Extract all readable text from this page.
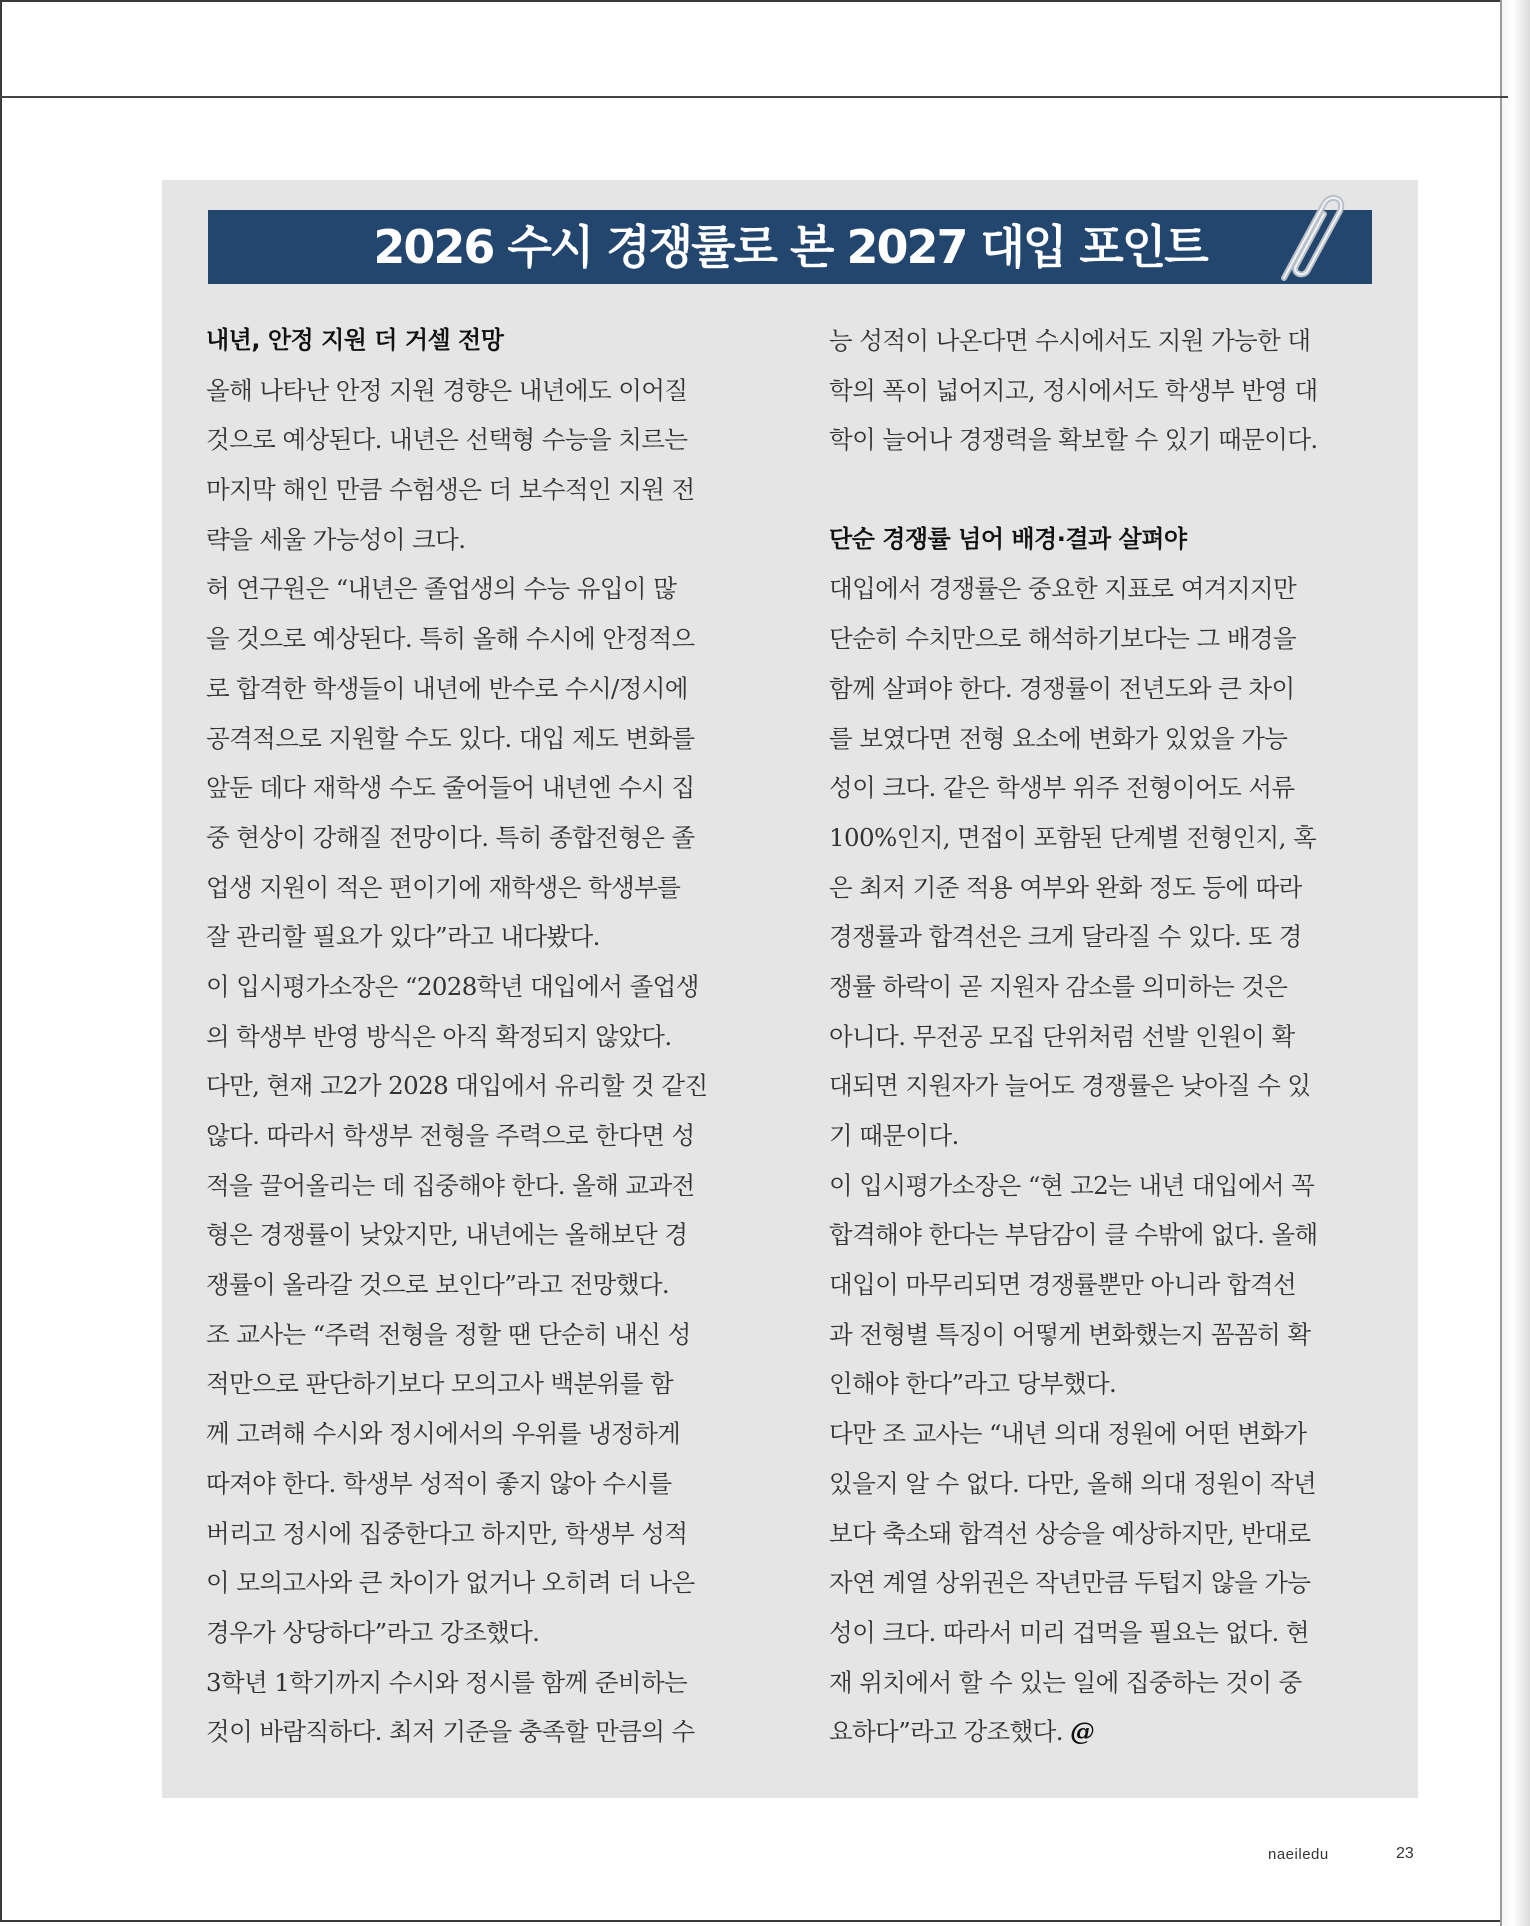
2026 수시 경쟁률로 본 2027 대입 포인트
내년, 안정 지원 더 거셀 전망
올해 나타난 안정 지원 경향은 내년에도 이어질
것으로 예상된다. 내년은 선택형 수능을 치르는
마지막 해인 만큼 수험생은 더 보수적인 지원 전
략을 세울 가능성이 크다.
허 연구원은 “내년은 졸업생의 수능 유입이 많
을 것으로 예상된다. 특히 올해 수시에 안정적으
로 합격한 학생들이 내년에 반수로 수시/정시에
공격적으로 지원할 수도 있다. 대입 제도 변화를
앞둔 데다 재학생 수도 줄어들어 내년엔 수시 집
중 현상이 강해질 전망이다. 특히 종합전형은 졸
업생 지원이 적은 편이기에 재학생은 학생부를
잘 관리할 필요가 있다”라고 내다봤다.
이 입시평가소장은 “2028학년 대입에서 졸업생
의 학생부 반영 방식은 아직 확정되지 않았다.
다만, 현재 고2가 2028 대입에서 유리할 것 같진
않다. 따라서 학생부 전형을 주력으로 한다면 성
적을 끌어올리는 데 집중해야 한다. 올해 교과전
형은 경쟁률이 낮았지만, 내년에는 올해보단 경
쟁률이 올라갈 것으로 보인다”라고 전망했다.
조 교사는 “주력 전형을 정할 땐 단순히 내신 성
적만으로 판단하기보다 모의고사 백분위를 함
께 고려해 수시와 정시에서의 우위를 냉정하게
따져야 한다. 학생부 성적이 좋지 않아 수시를
버리고 정시에 집중한다고 하지만, 학생부 성적
이 모의고사와 큰 차이가 없거나 오히려 더 나은
경우가 상당하다”라고 강조했다.
3학년 1학기까지 수시와 정시를 함께 준비하는
것이 바람직하다. 최저 기준을 충족할 만큼의 수
능 성적이 나온다면 수시에서도 지원 가능한 대
학의 폭이 넓어지고, 정시에서도 학생부 반영 대
학이 늘어나 경쟁력을 확보할 수 있기 때문이다.
단순 경쟁률 넘어 배경·결과 살펴야
대입에서 경쟁률은 중요한 지표로 여겨지지만
단순히 수치만으로 해석하기보다는 그 배경을
함께 살펴야 한다. 경쟁률이 전년도와 큰 차이
를 보였다면 전형 요소에 변화가 있었을 가능
성이 크다. 같은 학생부 위주 전형이어도 서류
100%인지, 면접이 포함된 단계별 전형인지, 혹
은 최저 기준 적용 여부와 완화 정도 등에 따라
경쟁률과 합격선은 크게 달라질 수 있다. 또 경
쟁률 하락이 곧 지원자 감소를 의미하는 것은
아니다. 무전공 모집 단위처럼 선발 인원이 확
대되면 지원자가 늘어도 경쟁률은 낮아질 수 있
기 때문이다.
이 입시평가소장은 “현 고2는 내년 대입에서 꼭
합격해야 한다는 부담감이 클 수밖에 없다. 올해
대입이 마무리되면 경쟁률뿐만 아니라 합격선
과 전형별 특징이 어떻게 변화했는지 꼼꼼히 확
인해야 한다”라고 당부했다.
다만 조 교사는 “내년 의대 정원에 어떤 변화가
있을지 알 수 없다. 다만, 올해 의대 정원이 작년
보다 축소돼 합격선 상승을 예상하지만, 반대로
자연 계열 상위권은 작년만큼 두텁지 않을 가능
성이 크다. 따라서 미리 겁먹을 필요는 없다. 현
재 위치에서 할 수 있는 일에 집중하는 것이 중
요하다”라고 강조했다. @
naeiledu	23
